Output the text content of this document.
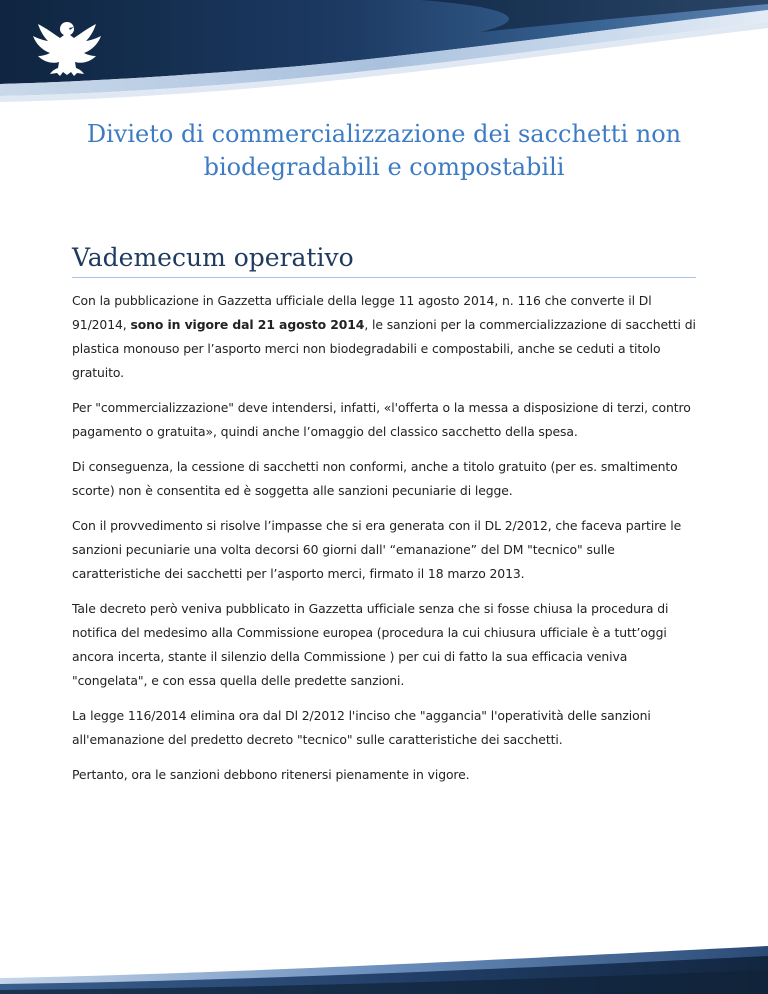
Divieto di commercializzazione dei sacchetti non
biodegradabili e compostabili
Vademecum operativo

Con la pubblicazione in Gazzetta ufficiale della legge 11 agosto 2014, n. 116 che converte il Dl 91/2014, sono in vigore dal 21 agosto 2014, le sanzioni per la commercializzazione di sacchetti di plastica monouso per l’asporto merci non biodegradabili e compostabili, anche se ceduti a titolo gratuito.

Per "commercializzazione" deve intendersi, infatti, «l'offerta o la messa a disposizione di terzi, contro pagamento o gratuita», quindi anche l’omaggio del classico sacchetto della spesa.

Di conseguenza, la cessione di sacchetti non conformi, anche a titolo gratuito (per es. smaltimento scorte) non è consentita ed è soggetta alle sanzioni pecuniarie di legge.

Con il provvedimento si risolve l’impasse che si era generata con il DL 2/2012, che faceva partire le sanzioni pecuniarie una volta decorsi 60 giorni dall' “emanazione” del DM "tecnico" sulle caratteristiche dei sacchetti per l’asporto merci, firmato il 18 marzo 2013.

Tale decreto però veniva pubblicato in Gazzetta ufficiale senza che si fosse chiusa la procedura di notifica del medesimo alla Commissione europea (procedura la cui chiusura ufficiale è a tutt’oggi ancora incerta, stante il silenzio della Commissione ) per cui di fatto la sua efficacia veniva "congelata", e con essa quella delle predette sanzioni.

La legge 116/2014 elimina ora dal Dl 2/2012 l'inciso che "aggancia" l'operatività delle sanzioni all'emanazione del predetto decreto "tecnico" sulle caratteristiche dei sacchetti.

Pertanto, ora le sanzioni debbono ritenersi pienamente in vigore.
